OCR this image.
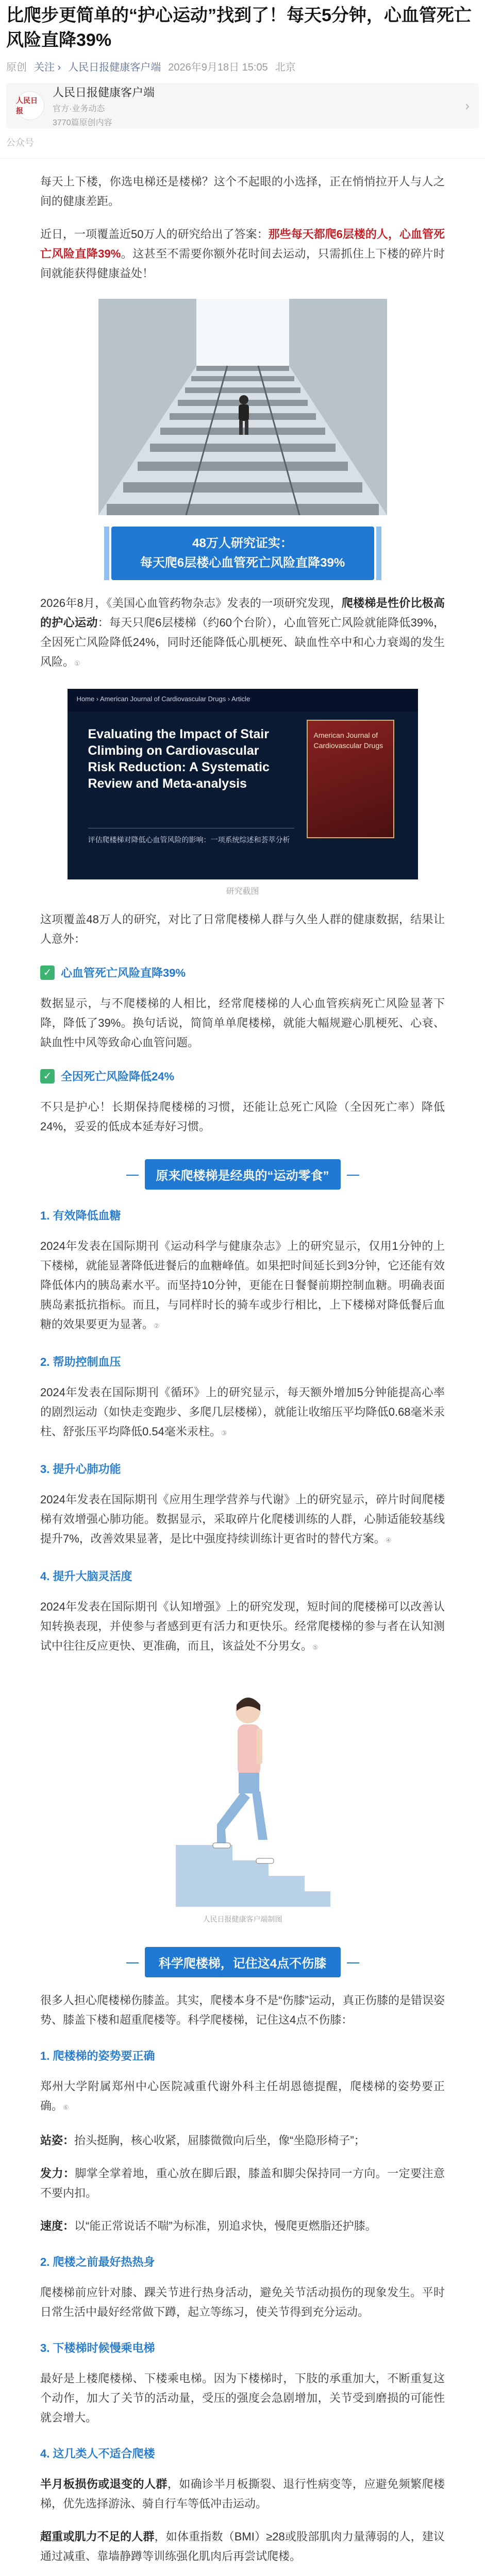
比爬步更简单的“护心运动”找到了！每天5分钟，心血管死亡风险直降39%
原创 关注 › 人民日报健康客户端 2026年9月18日 15:05 北京
人民日报
人民日报健康客户端
官方·业务动态
3770篇原创内容
›
公众号

每天上下楼，你选电梯还是楼梯？这个不起眼的小选择，正在悄悄拉开人与人之间的健康差距。

近日，一项覆盖近50万人的研究给出了答案：那些每天都爬6层楼的人，心血管死亡风险直降39%。这甚至不需要你额外花时间去运动，只需抓住上下楼的碎片时间就能获得健康益处！

48万人研究证实：
每天爬6层楼心血管死亡风险直降39%

2026年8月，《美国心血管药物杂志》发表的一项研究发现，爬楼梯是性价比极高的护心运动：每天只爬6层楼梯（约60个台阶），心血管死亡风险就能降低39%，全因死亡风险降低24%，同时还能降低心肌梗死、缺血性卒中和心力衰竭的发生风险。①

Home › American Journal of Cardiovascular Drugs › Article
Evaluating the Impact of Stair Climbing on Cardiovascular Risk Reduction: A Systematic Review and Meta-analysis
评估爬楼梯对降低心血管风险的影响：一项系统综述和荟萃分析
American Journal of Cardiovascular Drugs
研究截图

这项覆盖48万人的研究，对比了日常爬楼梯人群与久坐人群的健康数据，结果让人意外：

✓ 心血管死亡风险直降39%

数据显示，与不爬楼梯的人相比，经常爬楼梯的人心血管疾病死亡风险显著下降，降低了39%。换句话说，简简单单爬楼梯，就能大幅规避心肌梗死、心衰、缺血性中风等致命心血管问题。

✓ 全因死亡风险降低24%

不只是护心！长期保持爬楼梯的习惯，还能让总死亡风险（全因死亡率）降低24%，妥妥的低成本延寿好习惯。

原来爬楼梯是经典的“运动零食”
1. 有效降低血糖

2024年发表在国际期刊《运动科学与健康杂志》上的研究显示，仅用1分钟的上下楼梯，就能显著降低进餐后的血糖峰值。如果把时间延长到3分钟，它还能有效降低体内的胰岛素水平。而坚持10分钟，更能在日餐餐前期控制血糖。明确表面胰岛素抵抗指标。而且，与同样时长的骑车或步行相比，上下楼梯对降低餐后血糖的效果要更为显著。②

2. 帮助控制血压

2024年发表在国际期刊《循环》上的研究显示，每天额外增加5分钟能提高心率的剧烈运动（如快走变跑步、多爬几层楼梯），就能让收缩压平均降低0.68毫米汞柱、舒张压平均降低0.54毫米汞柱。③

3. 提升心肺功能

2024年发表在国际期刊《应用生理学营养与代谢》上的研究显示，碎片时间爬楼梯有效增强心肺功能。数据显示，采取碎片化爬楼训练的人群，心肺适能较基线提升7%，改善效果显著，是比中强度持续训练计更省时的替代方案。④

4. 提升大脑灵活度

2024年发表在国际期刊《认知增强》上的研究发现，短时间的爬楼梯可以改善认知转换表现，并使参与者感到更有活力和更快乐。经常爬楼梯的参与者在认知测试中往往反应更快、更准确，而且，该益处不分男女。⑤

人民日报健康客户端制图
科学爬楼梯，记住这4点不伤膝

很多人担心爬楼梯伤膝盖。其实，爬楼本身不是“伤膝”运动，真正伤膝的是错误姿势、膝盖下楼和超重爬楼等。科学爬楼梯，记住这4点不伤膝：

1. 爬楼梯的姿势要正确

郑州大学附属郑州中心医院减重代谢外科主任胡恩德提醒，爬楼梯的姿势要正确。⑥

站姿：抬头挺胸，核心收紧，屈膝微微向后坐，像“坐隐形椅子”；

发力：脚掌全掌着地，重心放在脚后跟，膝盖和脚尖保持同一方向。一定要注意不要内扣。

速度：以“能正常说话不喘”为标准，别追求快，慢爬更燃脂还护膝。

2. 爬楼之前最好热热身

爬楼梯前应针对膝、踝关节进行热身活动，避免关节活动损伤的现象发生。平时日常生活中最好经常做下蹲，起立等练习，使关节得到充分运动。

3. 下楼梯时候慢乘电梯

最好是上楼爬楼梯、下楼乘电梯。因为下楼梯时，下肢的承重加大，不断重复这个动作，加大了关节的活动量，受压的强度会急剧增加，关节受到磨损的可能性就会增大。

4. 这几类人不适合爬楼

半月板损伤或退变的人群，如确诊半月板撕裂、退行性病变等，应避免频繁爬楼梯，优先选择游泳、骑自行车等低冲击运动。

超重或肌力不足的人群，如体重指数（BMI）≥28或股部肌肉力量薄弱的人，建议通过减重、靠墙静蹲等训练强化肌肉后再尝试爬楼。
